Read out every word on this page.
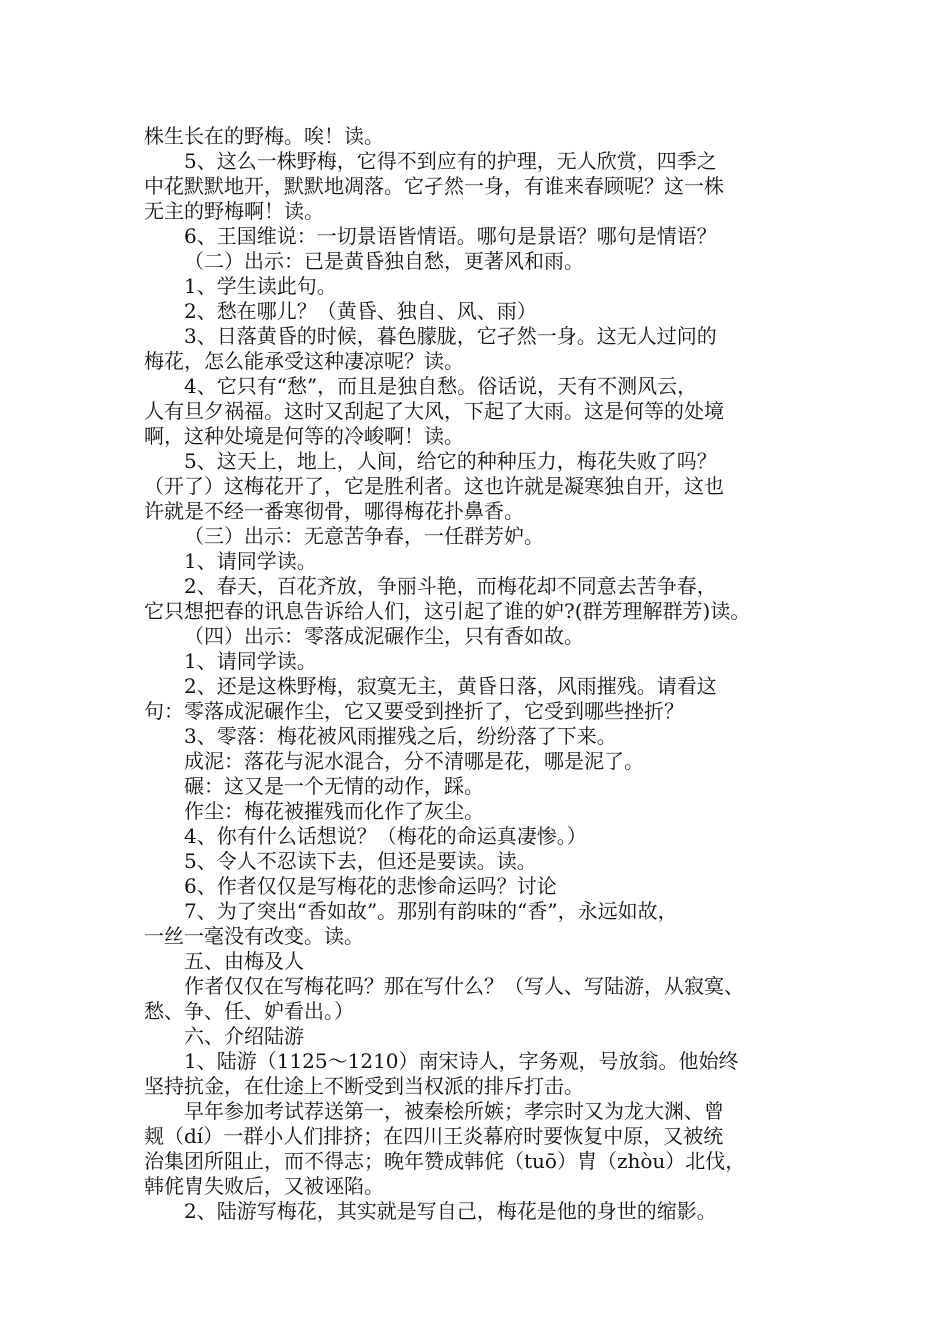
株生长在的野梅。唉！读。
5、这么一株野梅，它得不到应有的护理，无人欣赏，四季之
中花默默地开，默默地凋落。它孑然一身，有谁来春顾呢？这一株
无主的野梅啊！读。
6、王国维说：一切景语皆情语。哪句是景语？哪句是情语？
（二）出示：已是黄昏独自愁，更著风和雨。
1、学生读此句。
2、愁在哪儿？（黄昏、独自、风、雨）
3、日落黄昏的时候，暮色朦胧，它孑然一身。这无人过问的
梅花，怎么能承受这种凄凉呢？读。
4、它只有“愁”，而且是独自愁。俗话说，天有不测风云，
人有旦夕祸福。这时又刮起了大风，下起了大雨。这是何等的处境
啊，这种处境是何等的冷峻啊！读。
5、这天上，地上，人间，给它的种种压力，梅花失败了吗？
（开了）这梅花开了，它是胜利者。这也许就是凝寒独自开，这也
许就是不经一番寒彻骨，哪得梅花扑鼻香。
（三）出示：无意苦争春，一任群芳妒。
1、请同学读。
2、春天，百花齐放，争丽斗艳，而梅花却不同意去苦争春，
它只想把春的讯息告诉给人们，这引起了谁的妒?(群芳理解群芳)读。
（四）出示：零落成泥碾作尘，只有香如故。
1、请同学读。
2、还是这株野梅，寂寞无主，黄昏日落，风雨摧残。请看这
句：零落成泥碾作尘，它又要受到挫折了，它受到哪些挫折？
3、零落：梅花被风雨摧残之后，纷纷落了下来。
成泥：落花与泥水混合，分不清哪是花，哪是泥了。
碾：这又是一个无情的动作，踩。
作尘：梅花被摧残而化作了灰尘。
4、你有什么话想说？（梅花的命运真凄惨。）
5、令人不忍读下去，但还是要读。读。
6、作者仅仅是写梅花的悲惨命运吗？讨论
7、为了突出“香如故”。那别有韵味的“香”，永远如故，
一丝一毫没有改变。读。
五、由梅及人
作者仅仅在写梅花吗？那在写什么？（写人、写陆游，从寂寞、
愁、争、任、妒看出。）
六、介绍陆游
1、陆游（1125～1210）南宋诗人，字务观，号放翁。他始终
坚持抗金，在仕途上不断受到当权派的排斥打击。
早年参加考试荐送第一，被秦桧所嫉；孝宗时又为龙大渊、曾
觌（dí）一群小人们排挤；在四川王炎幕府时要恢复中原，又被统
治集团所阻止，而不得志；晚年赞成韩侂（tuō）胄（zhòu）北伐，
韩侂胄失败后，又被诬陷。
2、陆游写梅花，其实就是写自己，梅花是他的身世的缩影。
